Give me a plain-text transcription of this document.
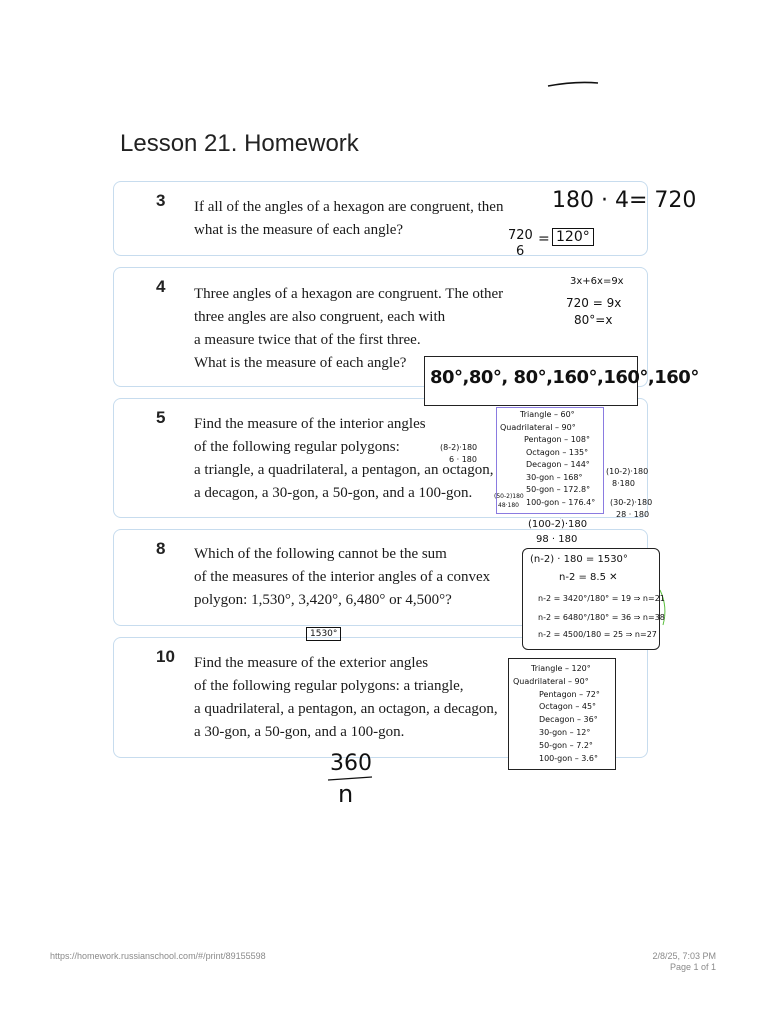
Lesson 21. Homework
3 If all of the angles of a hexagon are congruent, then
what is the measure of each angle?
4 Three angles of a hexagon are congruent. The other
three angles are also congruent, each with
a measure twice that of the first three.
What is the measure of each angle?
5 Find the measure of the interior angles
of the following regular polygons:
a triangle, a quadrilateral, a pentagon, an octagon,
a decagon, a 30-gon, a 50-gon, and a 100-gon.
8 Which of the following cannot be the sum
of the measures of the interior angles of a convex
polygon: 1,530°, 3,420°, 6,480° or 4,500°?
10 Find the measure of the exterior angles
of the following regular polygons: a triangle,
a quadrilateral, a pentagon, an octagon, a decagon,
a 30-gon, a 50-gon, and a 100-gon.
180 · 4= 720
720
6
= 120°
3x+6x=9x
720 = 9x
80°=x
80°,80°, 80°,160°,160°,160°
Triangle – 60°
Quadrilateral – 90°
Pentagon – 108°
Octagon – 135°
Decagon – 144°
30-gon – 168°
50-gon – 172.8°
100-gon – 176.4°
(8-2)·180
6 · 180
(10-2)·180
8·180
(50-2)180
48·180	(30-2)·180
28 · 180
(100-2)·180
98 · 180
(n-2) · 180 = 1530°
n-2 = 8.5 ✕
n-2 = 3420°/180° = 19 ⇒ n=21
n-2 = 6480°/180° = 36 ⇒ n=38
n-2 = 4500/180 = 25 ⇒ n=27
1530°
Triangle – 120°
Quadrilateral – 90°
Pentagon – 72°
Octagon – 45°
Decagon – 36°
30-gon – 12°
50-gon – 7.2°
100-gon – 3.6°
360
n
https://homework.russianschool.com/#/print/89155598	2/8/25, 7:03 PM
Page 1 of 1
